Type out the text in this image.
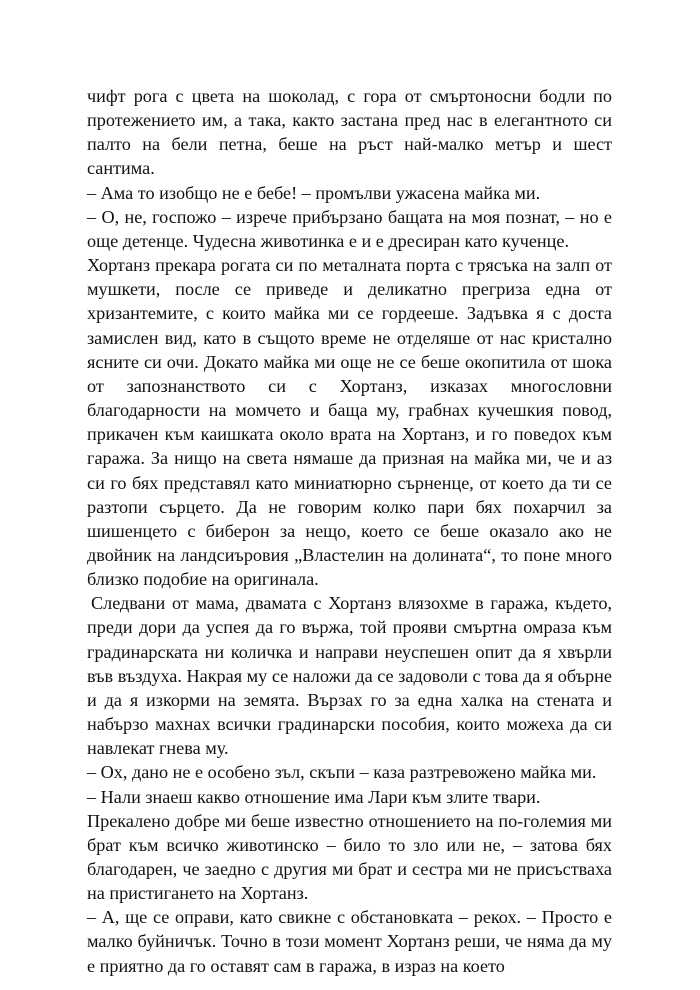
чифт рога с цвета на шоколад, с гора от смъртоносни бодли по протежението им, а така, както застана пред нас в елегантното си палто на бели петна, беше на ръст най-малко метър и шест сантима.

– Ама то изобщо не е бебе! – промълви ужасена майка ми.

– О, не, госпожо – изрече прибързано бащата на моя познат, – но е още детенце. Чудесна животинка е и е дресиран като кученце.

Хортанз прекара рогата си по металната порта с трясъка на залп от мушкети, после се приведе и деликатно прегриза една от хризантемите, с които майка ми се гордееше. Задъвка я с доста замислен вид, като в същото време не отделяше от нас кристално ясните си очи. Докато майка ми още не се беше окопитила от шока от запознанството си с Хортанз, изказах многословни благодарности на момчето и баща му, грабнах кучешкия повод, прикачен към каишката около врата на Хортанз, и го поведох към гаража. За нищо на света нямаше да призная на майка ми, че и аз си го бях представял като миниатюрно сърненце, от което да ти се разтопи сърцето. Да не говорим колко пари бях похарчил за шишенцето с биберон за нещо, което се беше оказало ако не двойник на ландсиъровия „Властелин на долината“, то поне много близко подобие на оригинала.

Следвани от мама, двамата с Хортанз влязохме в гаража, където, преди дори да успея да го вържа, той прояви смъртна омраза към градинарската ни количка и направи неуспешен опит да я хвърли във въздуха. Накрая му се наложи да се задоволи с това да я обърне и да я изкорми на земята. Вързах го за една халка на стената и набързо махнах всички градинарски пособия, които можеха да си навлекат гнева му.

– Ох, дано не е особено зъл, скъпи – каза разтревожено майка ми.

– Нали знаеш какво отношение има Лари към злите твари.

Прекалено добре ми беше известно отношението на по-големия ми брат към всичко животинско – било то зло или не, – затова бях благодарен, че заедно с другия ми брат и сестра ми не присъстваха на пристигането на Хортанз.

– А, ще се оправи, като свикне с обстановката – рекох. – Просто е малко буйничък. Точно в този момент Хортанз реши, че няма да му е приятно да го оставят сам в гаража, в израз на което
